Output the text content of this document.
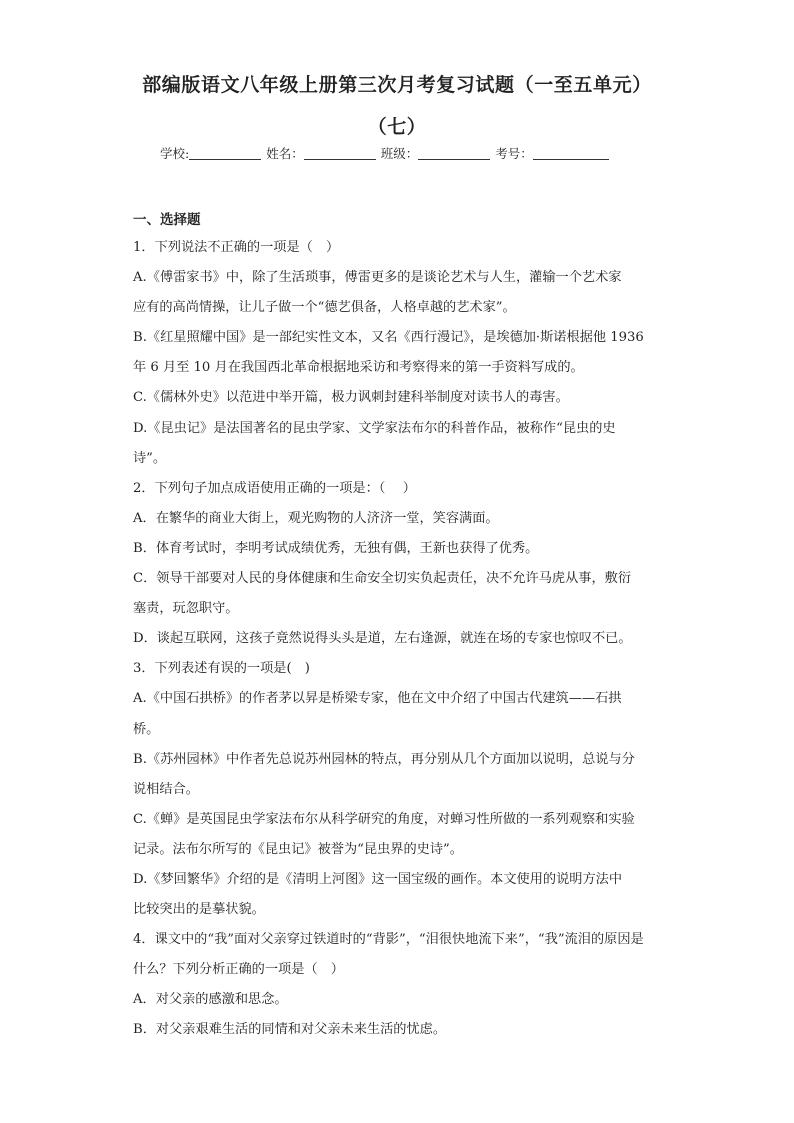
部编版语文八年级上册第三次月考复习试题（一至五单元）
（七）
学校:	姓名：	班级：	考号：
一、选择题
1．下列说法不正确的一项是（　）
A.《傅雷家书》中，除了生活琐事，傅雷更多的是谈论艺术与人生，灌输一个艺术家
应有的高尚情操，让儿子做一个“德艺俱备，人格卓越的艺术家”。
B.《红星照耀中国》是一部纪实性文本，又名《西行漫记》，是埃德加·斯诺根据他 1936
年 6 月至 10 月在我国西北革命根据地采访和考察得来的第一手资料写成的。
C.《儒林外史》以范进中举开篇，极力讽刺封建科举制度对读书人的毒害。
D.《昆虫记》是法国著名的昆虫学家、文学家法布尔的科普作品，被称作“昆虫的史
诗”。
2．下列句子加点成语使用正确的一项是：（　 ）
A．在繁华的商业大街上，观光购物的人济济一堂，笑容满面。
B．体育考试时，李明考试成绩优秀，无独有偶，王新也获得了优秀。
C．领导干部要对人民的身体健康和生命安全切实负起责任，决不允许马虎从事，敷衍
塞责，玩忽职守。
D．谈起互联网，这孩子竟然说得头头是道，左右逢源，就连在场的专家也惊叹不已。
3．下列表述有误的一项是(　)
A.《中国石拱桥》的作者茅以昇是桥梁专家，他在文中介绍了中国古代建筑——石拱
桥。
B.《苏州园林》中作者先总说苏州园林的特点，再分别从几个方面加以说明，总说与分
说相结合。
C.《蝉》是英国昆虫学家法布尔从科学研究的角度，对蝉习性所做的一系列观察和实验
记录。法布尔所写的《昆虫记》被誉为“昆虫界的史诗”。
D.《梦回繁华》介绍的是《清明上河图》这一国宝级的画作。本文使用的说明方法中
比较突出的是摹状貌。
4．课文中的“我”面对父亲穿过铁道时的“背影”，“泪很快地流下来”，“我”流泪的原因是
什么？下列分析正确的一项是（　）
A．对父亲的感激和思念。
B．对父亲艰难生活的同情和对父亲未来生活的忧虑。
